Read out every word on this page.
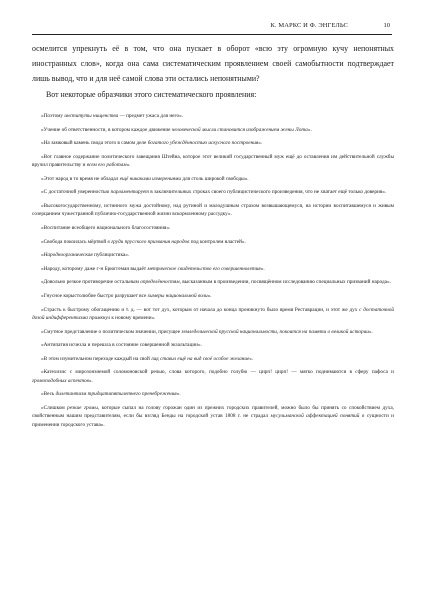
К. МАРКС И Ф. ЭНГЕЛЬС	10

осмелится упрекнуть её в том, что она пускает в оборот «всю эту огромную кучу непонятных иностранных слов», когда она сама систематическим проявлением своей самобытности подтверждает лишь вывод, что и для неё самой слова эти остались непонятными?

Вот некоторые образчики этого систематического проявления:

«Поэтому институты нищенства — предмет ужаса для него».

«Учение об ответственности, в котором каждое движение человеческой мысли становится изображением жены Лота».

«На замковый камень свода этого в самом деле богатого убеждённостью искусного построения».

«Вот главное содержание политического завещания Штейна, которое этот великий государственный муж ещё до оставления им действительной службы вручил правительству и всем его работам».

«Этот народ в то время не обладал ещё никакими измерениями для столь широкой свободы».

«С достаточной уверенностью парламентирует в заключительных строках своего публицистического произведения, что не хватает ещё только доверия».

«Высокогосударственному, истинного мужа достойному, над рутиной и малодушным страхом возвышающемуся, на истории воспитавшемуся и живым созерцанием чужестранной публично-государственной жизни вскормленному рассудку».

«Воспитание всеобщего национального благосостояния».

«Свобода покоилась мёртвой в груди прусского призвания народов под контролем властей».

«Народноорганическая публицистика».

«Народу, которому даже г-н Брюггеман выдаёт метрическое свидетельство его совершеннолетия».

«Довольно резкое противоречие остальным определённостям, высказанным в произведении, посвящённом исследованию специальных призваний народа».

«Гнусное корыстолюбие быстро разрушает все химеры национальной воли».

«Страсть к быстрому обогащению и т. д. — вот тот дух, которым от начала до конца проникнуто было время Реставрации, и этот же дух с достаточной дозой индифферентизма примкнул к новому времени».

«Смутное представление о политическом значении, присущее земледельческой прусской национальности, покоится на памяти о великой истории».

«Антипатия исчезла и перешла в состояние совершенной экзальтации».

«В этом изумительном переходе каждый на свой лад ставил ещё на вид своё особое желание».

«Катехизис с мирозонзиемой соломоновской речью, слова которого, подобно голубю — цирп! цирп! — мягко поднимаются в сферу пафоса и громоподобных аспектов».

«Весь дилетантизм тридцатипятилетнего пренебрежения».

«Слишком резкие громы, которые сыпал на голову горожан один из прежних городских правителей, можно было бы принять со спокойствием духа, свойственным нашим представителям, если бы взгляд Бенды на городской устав 1808 г. не страдал мусульманской аффектацией понятий о сущности и применении городского устава».
